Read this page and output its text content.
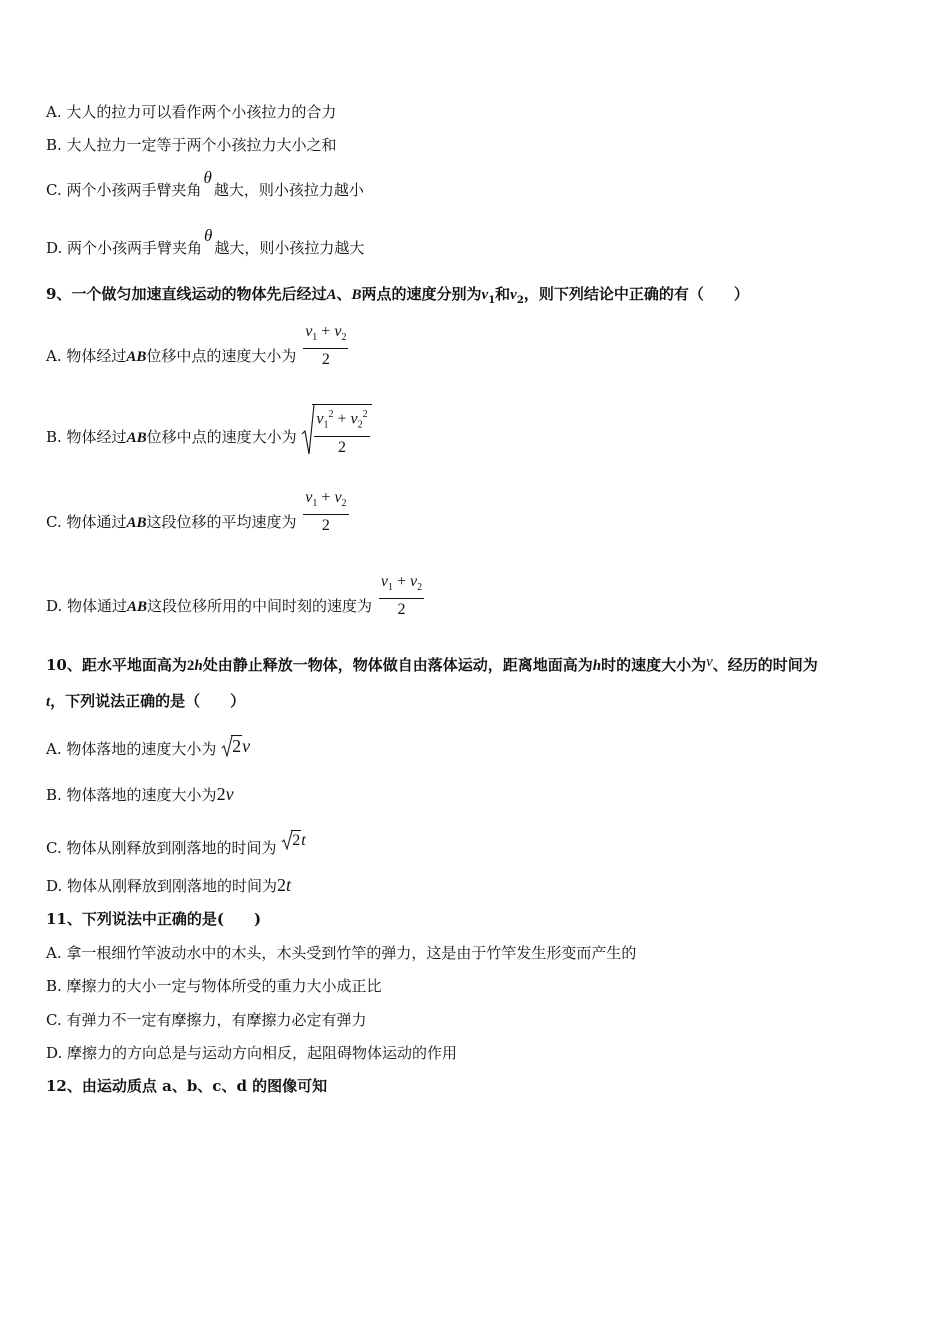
A. 大人的拉力可以看作两个小孩拉力的合力
B. 大人拉力一定等于两个小孩拉力大小之和
C. 两个小孩两手臂夹角θ越大，则小孩拉力越小
D. 两个小孩两手臂夹角θ越大，则小孩拉力越大
9、一个做匀加速直线运动的物体先后经过A、B两点的速度分别为$v_1$和$v_2$，则下列结论中正确的有（　　）
A. 物体经过AB位移中点的速度大小为 $\frac{v_1 + v_2}{2}$
B. 物体经过AB位移中点的速度大小为 $\frac{v_1^2 + v_2^2}{2}$
C. 物体通过AB这段位移的平均速度为 $\frac{v_1 + v_2}{2}$
D. 物体通过AB这段位移所用的中间时刻的速度为 $\frac{v_1 + v_2}{2}$
10、距水平地面高为2h处由静止释放一物体，物体做自由落体运动，距离地面高为h时的速度大小为v、经历的时间为
t，下列说法正确的是（　　）
A. 物体落地的速度大小为 2v
B. 物体落地的速度大小为2v
C. 物体从刚释放到刚落地的时间为 2t
D. 物体从刚释放到刚落地的时间为2t
11、下列说法中正确的是(　　)
A. 拿一根细竹竿波动水中的木头，木头受到竹竿的弹力，这是由于竹竿发生形变而产生的
B. 摩擦力的大小一定与物体所受的重力大小成正比
C. 有弹力不一定有摩擦力，有摩擦力必定有弹力
D. 摩擦力的方向总是与运动方向相反，起阻碍物体运动的作用
12、由运动质点 a、b、c、d 的图像可知
